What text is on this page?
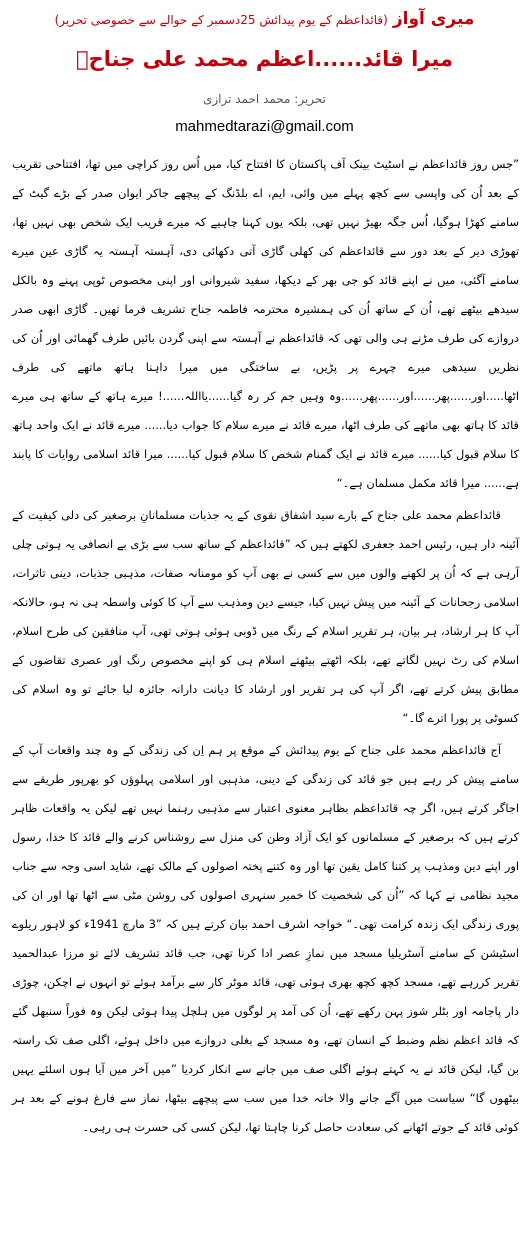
میری آواز (قائداعظم کے یوم پیدائش 25دسمبر کے حوالے سے خصوصی تحریر)
میرا قائد......اعظم محمد علی جناحؒ
تحریر: محمد احمد ترازی
mahmedtarazi@gmail.com

”جس روز قائداعظم نے اسٹیٹ بینک آف پاکستان کا افتتاح کیا، میں اُس روز کراچی میں تھا، افتتاحی تقریب کے بعد اُن کی واپسی سے کچھ پہلے میں وائی، ایم، اے بلڈنگ کے پیچھے جاکر ایوان صدر کے بڑے گیٹ کے سامنے کھڑا ہوگیا، اُس جگہ بھیڑ نہیں تھی، بلکہ یوں کہنا چاہیے کہ میرے قریب ایک شخص بھی نہیں تھا، تھوڑی دیر کے بعد دور سے قائداعظم کی کھلی گاڑی آتی دکھائی دی، آہستہ آہستہ یہ گاڑی عین میرے سامنے آگئی، میں نے اپنے قائد کو جی بھر کے دیکھا، سفید شیروانی اور اپنی مخصوص ٹوپی پہنے وہ بالکل سیدھے بیٹھے تھے، اُن کے ساتھ اُن کی ہمشیرہ محترمہ فاطمہ جناح تشریف فرما تھیں۔ گاڑی ابھی صدر دروازے کی طرف مڑنے ہی والی تھی کہ قائداعظم نے آہستہ سے اپنی گردن بائیں طرف گھمائی اور اُن کی نظریں سیدھی میرے چہرے پر پڑیں، بے ساختگی میں میرا داہنا ہاتھ ماتھے کی طرف اٹھا.....اور......پھر......اور......پھر......وہ وہیں جم کر رہ گیا......یااللہ......! میرے ہاتھ کے ساتھ ہی میرے قائد کا ہاتھ بھی ماتھے کی طرف اٹھا، میرے قائد نے میرے سلام کا جواب دیا...... میرے قائد نے ایک واحد ہاتھ کا سلام قبول کیا...... میرے قائد نے ایک گمنام شخص کا سلام قبول کیا...... میرا قائد اسلامی روایات کا پابند ہے...... میرا قائد مکمل مسلمان ہے۔“

قائداعظم محمد علی جناح کے بارے سید اشفاق نقوی کے یہ جذبات مسلمانانِ برصغیر کی دلی کیفیت کے آئینہ دار ہیں، رئیس احمد جعفری لکھتے ہیں کہ ”قائداعظم کے ساتھ سب سے بڑی بے انصافی یہ ہوتی چلی آرہی ہے کہ اُن پر لکھنے والوں میں سے کسی نے بھی آپ کو مومنانہ صفات، مذہبی جذبات، دینی تاثرات، اسلامی رجحانات کے آئینہ میں پیش نہیں کیا، جیسے دین ومذہب سے آپ کا کوئی واسطہ ہی نہ ہو، حالانکہ آپ کا ہر ارشاد، ہر بیان، ہر تقریر اسلام کے رنگ میں ڈوبی ہوئی ہوتی تھی، آپ منافقین کی طرح اسلام، اسلام کی رٹ نہیں لگاتے تھے، بلکہ اٹھتے بیٹھتے اسلام ہی کو اپنے مخصوص رنگ اور عصری تقاضوں کے مطابق پیش کرتے تھے، اگر آپ کی ہر تقریر اور ارشاد کا دیانت دارانہ جائزہ لیا جائے تو وہ اسلام کی کسوٹی پر پورا اترے گا۔“

آج قائداعظم محمد علی جناح کے یوم پیدائش کے موقع پر ہم اِن کی زندگی کے وہ چند واقعات آپ کے سامنے پیش کر رہے ہیں جو قائد کی زندگی کے دینی، مذہبی اور اسلامی پہلوؤں کو بھرپور طریقے سے اجاگر کرتے ہیں، اگر چہ قائداعظم بظاہر معنوی اعتبار سے مذہبی رہنما نہیں تھے لیکن یہ واقعات ظاہر کرتے ہیں کہ برصغیر کے مسلمانوں کو ایک آزاد وطن کی منزل سے روشناس کرنے والے قائد کا خدا، رسول اور اپنے دین ومذہب پر کتنا کامل یقین تھا اور وہ کتنے پختہ اصولوں کے مالک تھے، شاید اسی وجہ سے جناب مجید نظامی نے کہا کہ ”اُن کی شخصیت کا خمیر سنہری اصولوں کی روشن مٹی سے اٹھا تھا اور ان کی پوری زندگی ایک زندہ کرامت تھی۔“ خواجہ اشرف احمد بیان کرتے ہیں کہ ”3 مارچ 1941ء کو لاہور ریلوے اسٹیشن کے سامنے آسٹریلیا مسجد میں نمازِ عصر ادا کرنا تھی، جب قائد تشریف لائے تو مرزا عبدالحمید تقریر کررہے تھے، مسجد کچھ کچھ بھری ہوئی تھی، قائد موٹر کار سے برآمد ہوئے تو انہوں نے اچکن، چوڑی دار پاجامہ اور بٹلر شوز پہن رکھے تھے، اُن کی آمد پر لوگوں میں ہلچل پیدا ہوئی لیکن وہ فوراً سنبھل گئے کہ قائد اعظم نظم وضبط کے انسان تھے، وہ مسجد کے بغلی دروازے میں داخل ہوئے، اگلی صف تک راستہ بن گیا، لیکن قائد نے یہ کہتے ہوئے اگلی صف میں جانے سے انکار کردیا ”میں آخر میں آیا ہوں اسلئے یہیں بیٹھوں گا“ سیاست میں آگے جانے والا خانہ خدا میں سب سے پیچھے بیٹھا، نماز سے فارغ ہونے کے بعد ہر کوئی قائد کے جوتے اٹھانے کی سعادت حاصل کرنا چاہتا تھا، لیکن کسی کی حسرت ہی رہی۔
